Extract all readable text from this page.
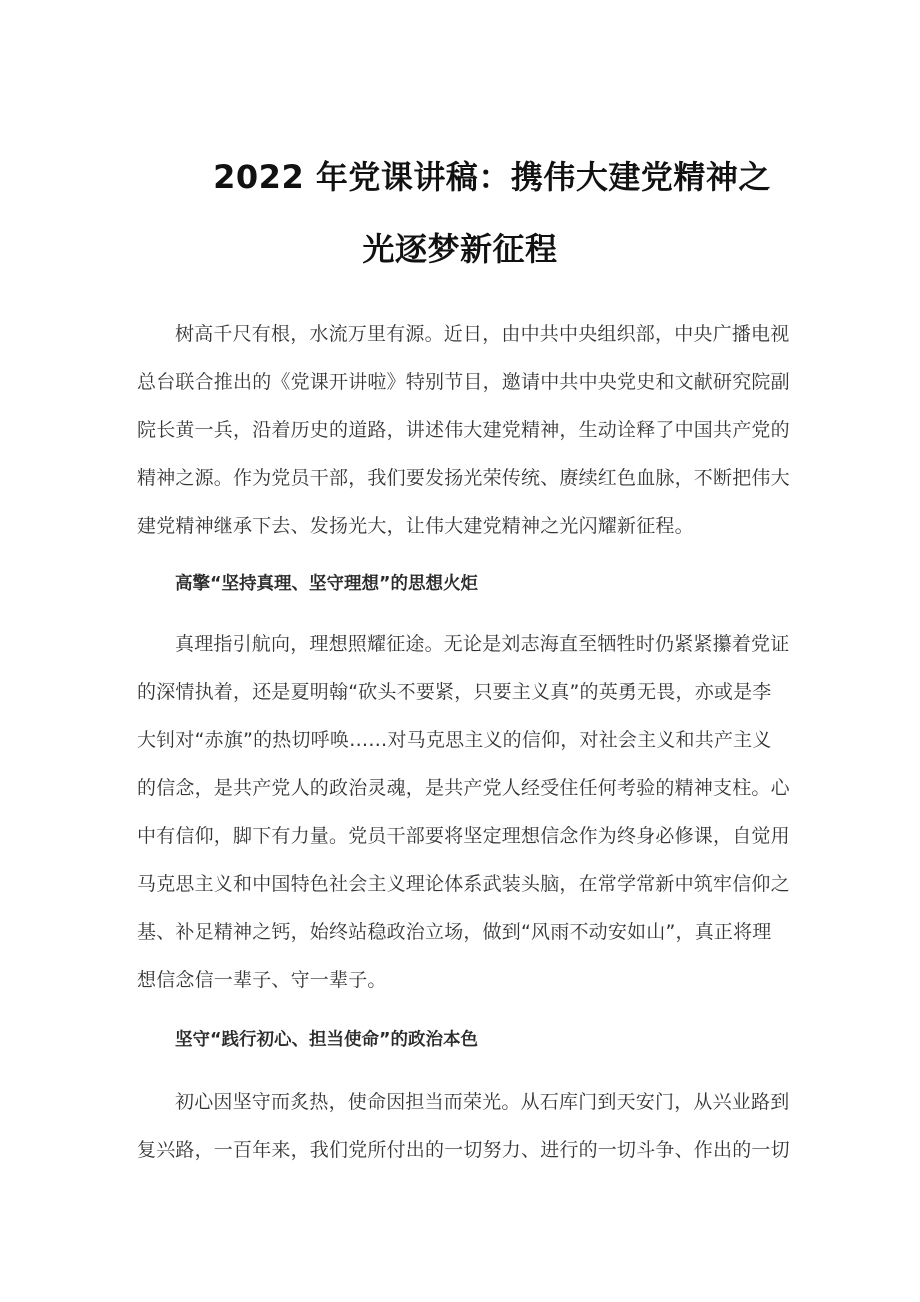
2022 年党课讲稿：携伟大建党精神之
光逐梦新征程
树高千尺有根，水流万里有源。近日，由中共中央组织部，中央广播电视
总台联合推出的《党课开讲啦》特别节目，邀请中共中央党史和文献研究院副
院长黄一兵，沿着历史的道路，讲述伟大建党精神，生动诠释了中国共产党的
精神之源。作为党员干部，我们要发扬光荣传统、赓续红色血脉，不断把伟大
建党精神继承下去、发扬光大，让伟大建党精神之光闪耀新征程。
高擎“坚持真理、坚守理想”的思想火炬
真理指引航向，理想照耀征途。无论是刘志海直至牺牲时仍紧紧攥着党证
的深情执着，还是夏明翰“砍头不要紧，只要主义真”的英勇无畏，亦或是李
大钊对“赤旗”的热切呼唤……对马克思主义的信仰，对社会主义和共产主义
的信念，是共产党人的政治灵魂，是共产党人经受住任何考验的精神支柱。心
中有信仰，脚下有力量。党员干部要将坚定理想信念作为终身必修课，自觉用
马克思主义和中国特色社会主义理论体系武装头脑，在常学常新中筑牢信仰之
基、补足精神之钙，始终站稳政治立场，做到“风雨不动安如山”，真正将理
想信念信一辈子、守一辈子。
坚守“践行初心、担当使命”的政治本色
初心因坚守而炙热，使命因担当而荣光。从石库门到天安门，从兴业路到
复兴路，一百年来，我们党所付出的一切努力、进行的一切斗争、作出的一切
